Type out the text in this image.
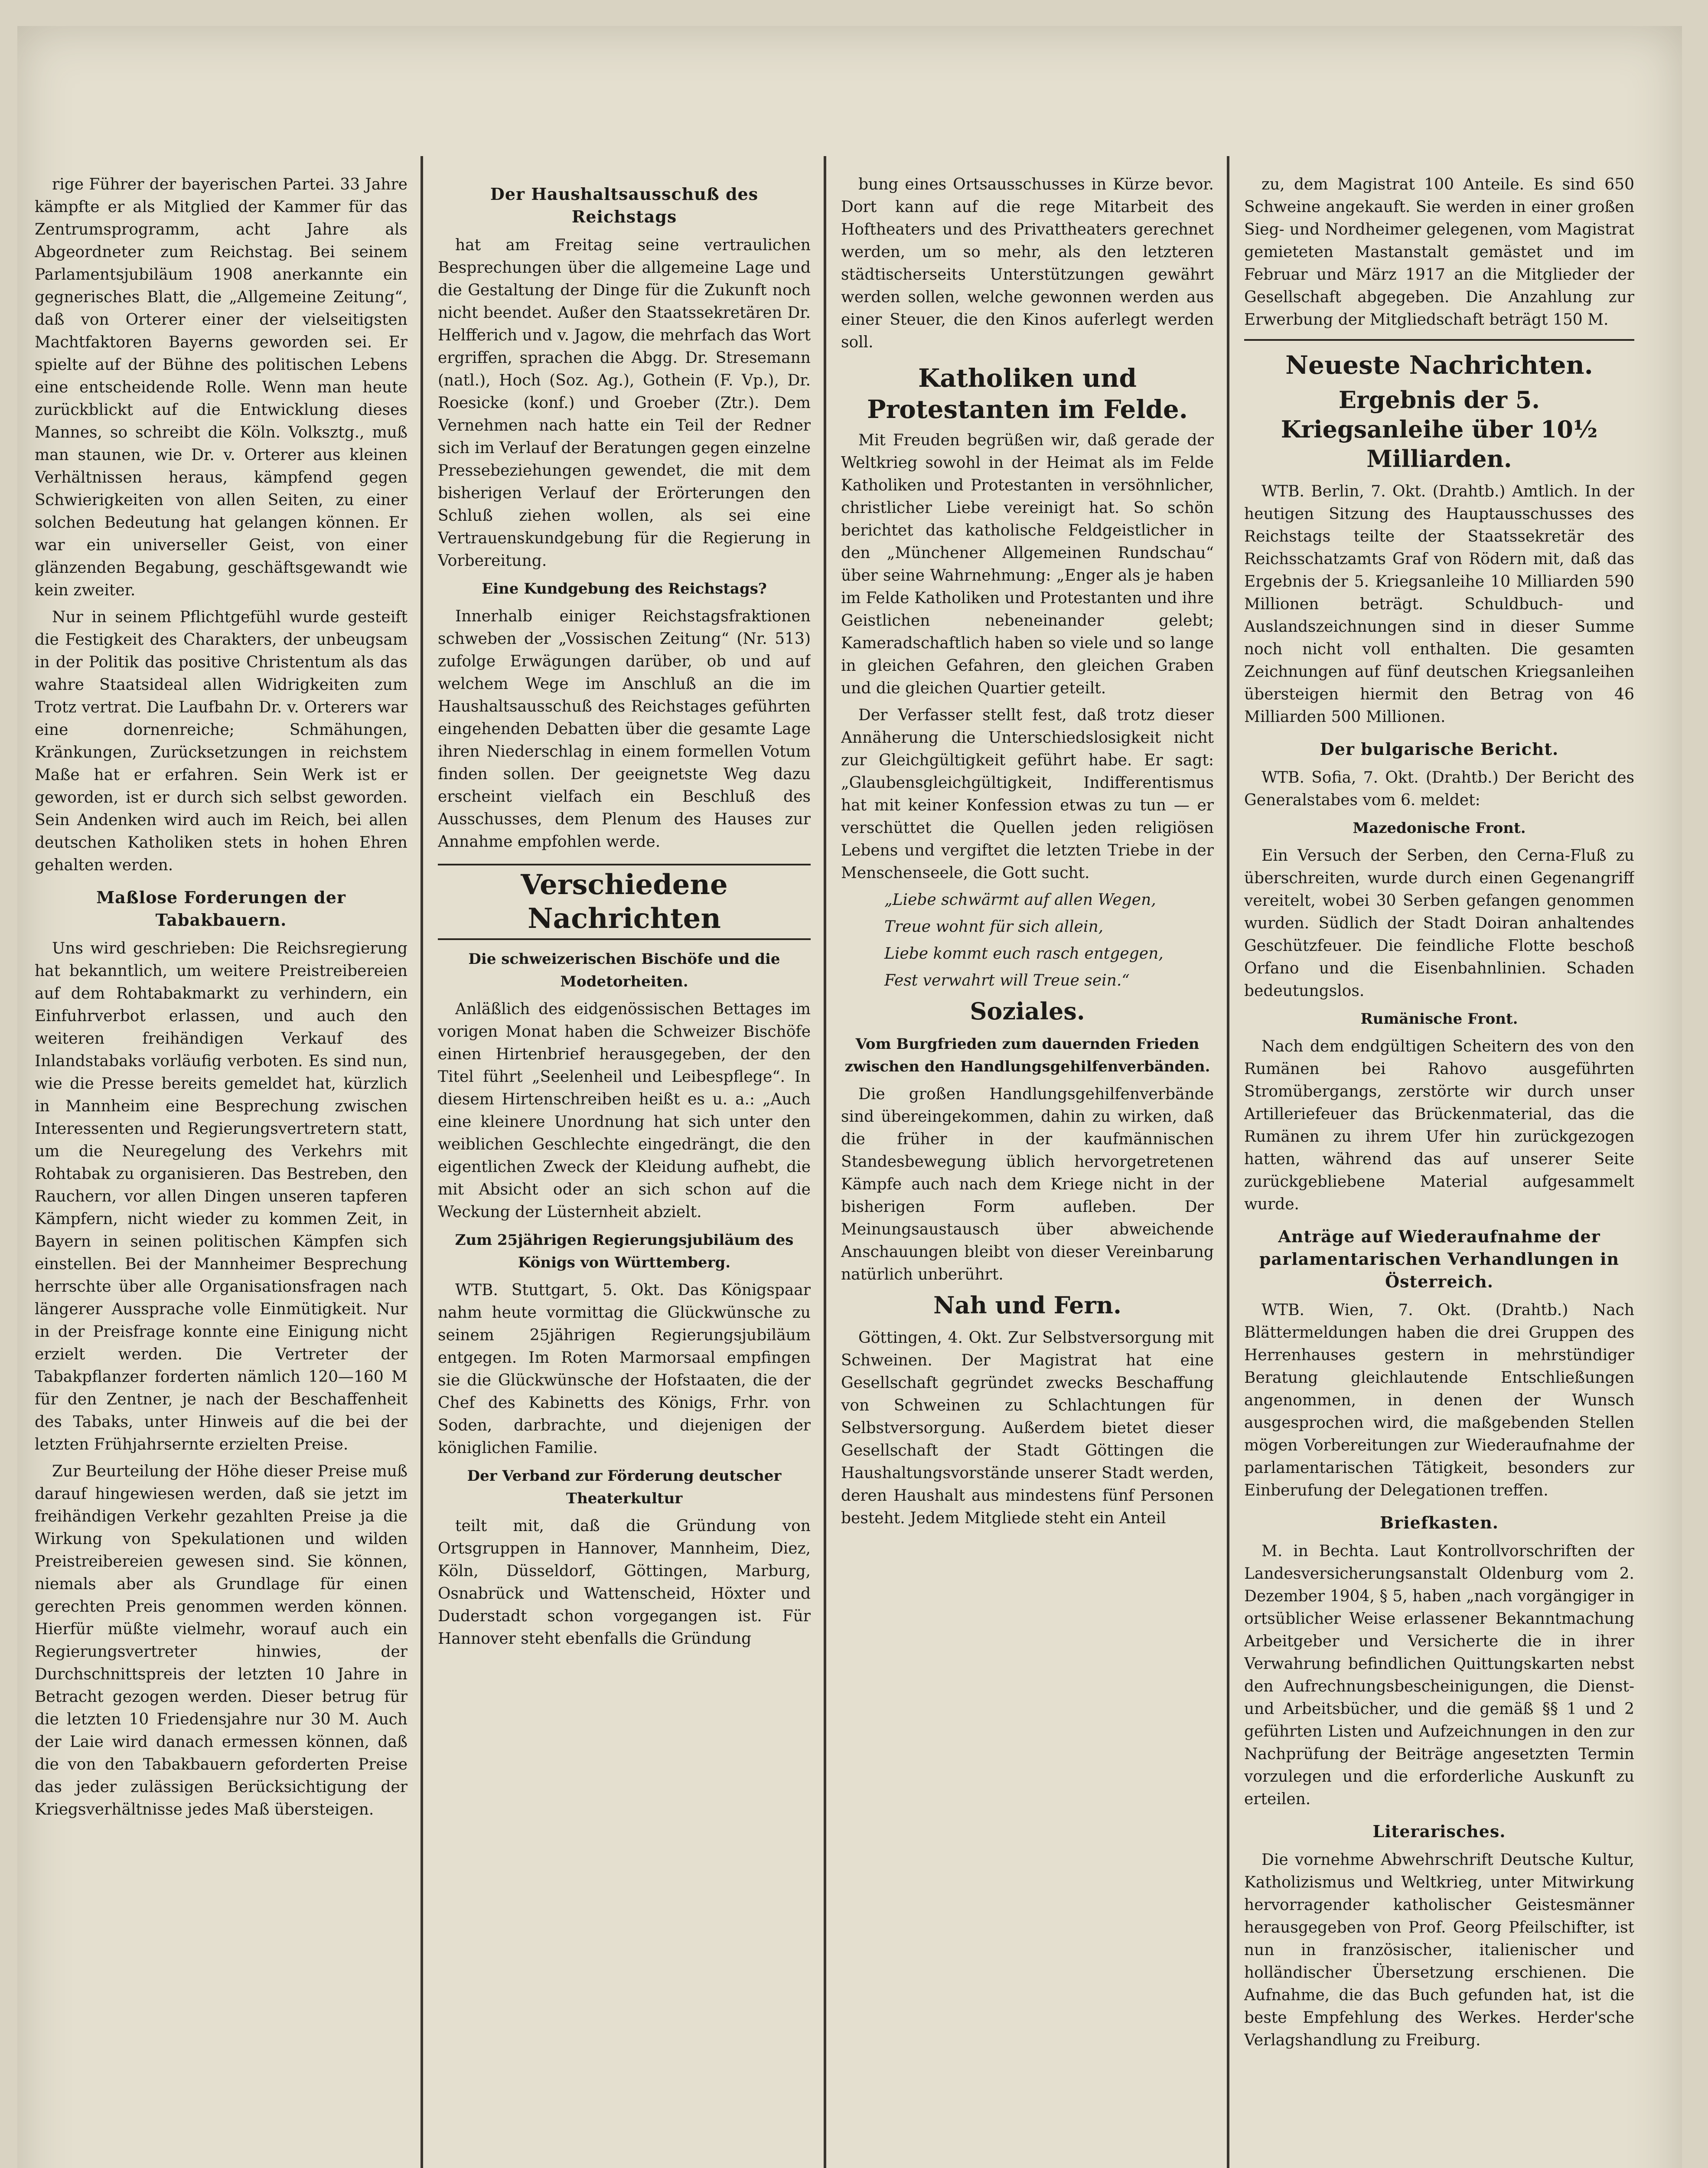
rige Führer der bayerischen Partei. 33 Jahre kämpfte er als Mitglied der Kammer für das Zentrumsprogramm, acht Jahre als Abgeordneter zum Reichstag. Bei seinem Parlamentsjubiläum 1908 anerkannte ein gegnerisches Blatt, die „Allgemeine Zeitung“, daß von Orterer einer der vielseitigsten Machtfaktoren Bayerns geworden sei. Er spielte auf der Bühne des politischen Lebens eine entscheidende Rolle. Wenn man heute zurückblickt auf die Entwicklung dieses Mannes, so schreibt die Köln. Volksztg., muß man staunen, wie Dr. v. Orterer aus kleinen Verhältnissen heraus, kämpfend gegen Schwierigkeiten von allen Seiten, zu einer solchen Bedeutung hat gelangen können. Er war ein universeller Geist, von einer glänzenden Begabung, geschäftsgewandt wie kein zweiter.

Nur in seinem Pflichtgefühl wurde gesteift die Festigkeit des Charakters, der unbeugsam in der Politik das positive Christentum als das wahre Staatsideal allen Widrigkeiten zum Trotz vertrat. Die Laufbahn Dr. v. Orterers war eine dornenreiche; Schmähungen, Kränkungen, Zurücksetzungen in reichstem Maße hat er erfahren. Sein Werk ist er geworden, ist er durch sich selbst geworden. Sein Andenken wird auch im Reich, bei allen deutschen Katholiken stets in hohen Ehren gehalten werden.

Maßlose Forderungen der Tabakbauern.

Uns wird geschrieben: Die Reichsregierung hat bekanntlich, um weitere Preistreibereien auf dem Rohtabakmarkt zu verhindern, ein Einfuhrverbot erlassen, und auch den weiteren freihändigen Verkauf des Inlandstabaks vorläufig verboten. Es sind nun, wie die Presse bereits gemeldet hat, kürzlich in Mannheim eine Besprechung zwischen Interessenten und Regierungsvertretern statt, um die Neuregelung des Verkehrs mit Rohtabak zu organisieren. Das Bestreben, den Rauchern, vor allen Dingen unseren tapferen Kämpfern, nicht wieder zu kommen Zeit, in Bayern in seinen politischen Kämpfen sich einstellen. Bei der Mannheimer Besprechung herrschte über alle Organisationsfragen nach längerer Aussprache volle Einmütigkeit. Nur in der Preisfrage konnte eine Einigung nicht erzielt werden. Die Vertreter der Tabakpflanzer forderten nämlich 120—160 M für den Zentner, je nach der Beschaffenheit des Tabaks, unter Hinweis auf die bei der letzten Frühjahrsernte erzielten Preise.

Zur Beurteilung der Höhe dieser Preise muß darauf hingewiesen werden, daß sie jetzt im freihändigen Verkehr gezahlten Preise ja die Wirkung von Spekulationen und wilden Preistreibereien gewesen sind. Sie können, niemals aber als Grundlage für einen gerechten Preis genommen werden können. Hierfür müßte vielmehr, worauf auch ein Regierungsvertreter hinwies, der Durchschnittspreis der letzten 10 Jahre in Betracht gezogen werden. Dieser betrug für die letzten 10 Friedensjahre nur 30 M. Auch der Laie wird danach ermessen können, daß die von den Tabakbauern geforderten Preise das jeder zulässigen Berücksichtigung der Kriegsverhältnisse jedes Maß übersteigen.

Der Haushaltsausschuß des Reichstags

hat am Freitag seine vertraulichen Besprechungen über die allgemeine Lage und die Gestaltung der Dinge für die Zukunft noch nicht beendet. Außer den Staatssekretären Dr. Helfferich und v. Jagow, die mehrfach das Wort ergriffen, sprachen die Abgg. Dr. Stresemann (natl.), Hoch (Soz. Ag.), Gothein (F. Vp.), Dr. Roesicke (konf.) und Groeber (Ztr.). Dem Vernehmen nach hatte ein Teil der Redner sich im Verlauf der Beratungen gegen einzelne Pressebeziehungen gewendet, die mit dem bisherigen Verlauf der Erörterungen den Schluß ziehen wollen, als sei eine Vertrauenskundgebung für die Regierung in Vorbereitung.

Eine Kundgebung des Reichstags?

Innerhalb einiger Reichstagsfraktionen schweben der „Vossischen Zeitung“ (Nr. 513) zufolge Erwägungen darüber, ob und auf welchem Wege im Anschluß an die im Haushaltsausschuß des Reichstages geführten eingehenden Debatten über die gesamte Lage ihren Niederschlag in einem formellen Votum finden sollen. Der geeignetste Weg dazu erscheint vielfach ein Beschluß des Ausschusses, dem Plenum des Hauses zur Annahme empfohlen werde.

Verschiedene Nachrichten
Die schweizerischen Bischöfe und die Modetorheiten.

Anläßlich des eidgenössischen Bettages im vorigen Monat haben die Schweizer Bischöfe einen Hirtenbrief herausgegeben, der den Titel führt „Seelenheil und Leibespflege“. In diesem Hirtenschreiben heißt es u. a.: „Auch eine kleinere Unordnung hat sich unter den weiblichen Geschlechte eingedrängt, die den eigentlichen Zweck der Kleidung aufhebt, die mit Absicht oder an sich schon auf die Weckung der Lüsternheit abzielt.

Zum 25jährigen Regierungsjubiläum des Königs von Württemberg.

WTB. Stuttgart, 5. Okt. Das Königspaar nahm heute vormittag die Glückwünsche zu seinem 25jährigen Regierungsjubiläum entgegen. Im Roten Marmorsaal empfingen sie die Glückwünsche der Hofstaaten, die der Chef des Kabinetts des Königs, Frhr. von Soden, darbrachte, und diejenigen der königlichen Familie.

Der Verband zur Förderung deutscher Theaterkultur

teilt mit, daß die Gründung von Ortsgruppen in Hannover, Mannheim, Diez, Köln, Düsseldorf, Göttingen, Marburg, Osnabrück und Wattenscheid, Höxter und Duderstadt schon vorgegangen ist. Für Hannover steht ebenfalls die Gründung

bung eines Ortsausschusses in Kürze bevor. Dort kann auf die rege Mitarbeit des Hoftheaters und des Privattheaters gerechnet werden, um so mehr, als den letzteren städtischerseits Unterstützungen gewährt werden sollen, welche gewonnen werden aus einer Steuer, die den Kinos auferlegt werden soll.

Katholiken und Protestanten im Felde.

Mit Freuden begrüßen wir, daß gerade der Weltkrieg sowohl in der Heimat als im Felde Katholiken und Protestanten in versöhnlicher, christlicher Liebe vereinigt hat. So schön berichtet das katholische Feldgeistlicher in den „Münchener Allgemeinen Rundschau“ über seine Wahrnehmung: „Enger als je haben im Felde Katholiken und Protestanten und ihre Geistlichen nebeneinander gelebt; Kameradschaftlich haben so viele und so lange in gleichen Gefahren, den gleichen Graben und die gleichen Quartier geteilt.

Der Verfasser stellt fest, daß trotz dieser Annäherung die Unterschiedslosigkeit nicht zur Gleichgültigkeit geführt habe. Er sagt: „Glaubensgleichgültigkeit, Indifferentismus hat mit keiner Konfession etwas zu tun — er verschüttet die Quellen jeden religiösen Lebens und vergiftet die letzten Triebe in der Menschenseele, die Gott sucht.

„Liebe schwärmt auf allen Wegen,

Treue wohnt für sich allein,

Liebe kommt euch rasch entgegen,

Fest verwahrt will Treue sein.“

Soziales.
Vom Burgfrieden zum dauernden Frieden zwischen den Handlungsgehilfenverbänden.

Die großen Handlungsgehilfenverbände sind übereingekommen, dahin zu wirken, daß die früher in der kaufmännischen Standesbewegung üblich hervorgetretenen Kämpfe auch nach dem Kriege nicht in der bisherigen Form aufleben. Der Meinungsaustausch über abweichende Anschauungen bleibt von dieser Vereinbarung natürlich unberührt.

Nah und Fern.

Göttingen, 4. Okt. Zur Selbstversorgung mit Schweinen. Der Magistrat hat eine Gesellschaft gegründet zwecks Beschaffung von Schweinen zu Schlachtungen für Selbstversorgung. Außerdem bietet dieser Gesellschaft der Stadt Göttingen die Haushaltungsvorstände unserer Stadt werden, deren Haushalt aus mindestens fünf Personen besteht. Jedem Mitgliede steht ein Anteil

zu, dem Magistrat 100 Anteile. Es sind 650 Schweine angekauft. Sie werden in einer großen Sieg- und Nordheimer gelegenen, vom Magistrat gemieteten Mastanstalt gemästet und im Februar und März 1917 an die Mitglieder der Gesellschaft abgegeben. Die Anzahlung zur Erwerbung der Mitgliedschaft beträgt 150 M.

Neueste Nachrichten.
Ergebnis der 5. Kriegsanleihe über 10½ Milliarden.

WTB. Berlin, 7. Okt. (Drahtb.) Amtlich. In der heutigen Sitzung des Hauptausschusses des Reichstags teilte der Staatssekretär des Reichsschatzamts Graf von Rödern mit, daß das Ergebnis der 5. Kriegsanleihe 10 Milliarden 590 Millionen beträgt. Schuldbuch- und Auslandszeichnungen sind in dieser Summe noch nicht voll enthalten. Die gesamten Zeichnungen auf fünf deutschen Kriegsanleihen übersteigen hiermit den Betrag von 46 Milliarden 500 Millionen.

Der bulgarische Bericht.

WTB. Sofia, 7. Okt. (Drahtb.) Der Bericht des Generalstabes vom 6. meldet:

Mazedonische Front.

Ein Versuch der Serben, den Cerna-Fluß zu überschreiten, wurde durch einen Gegenangriff vereitelt, wobei 30 Serben gefangen genommen wurden. Südlich der Stadt Doiran anhaltendes Geschützfeuer. Die feindliche Flotte beschoß Orfano und die Eisenbahnlinien. Schaden bedeutungslos.

Rumänische Front.

Nach dem endgültigen Scheitern des von den Rumänen bei Rahovo ausgeführten Stromübergangs, zerstörte wir durch unser Artilleriefeuer das Brückenmaterial, das die Rumänen zu ihrem Ufer hin zurückgezogen hatten, während das auf unserer Seite zurückgebliebene Material aufgesammelt wurde.

Anträge auf Wiederaufnahme der parlamentarischen Verhandlungen in Österreich.

WTB. Wien, 7. Okt. (Drahtb.) Nach Blättermeldungen haben die drei Gruppen des Herrenhauses gestern in mehrstündiger Beratung gleichlautende Entschließungen angenommen, in denen der Wunsch ausgesprochen wird, die maßgebenden Stellen mögen Vorbereitungen zur Wiederaufnahme der parlamentarischen Tätigkeit, besonders zur Einberufung der Delegationen treffen.

Briefkasten.

M. in Bechta. Laut Kontrollvorschriften der Landesversicherungsanstalt Oldenburg vom 2. Dezember 1904, § 5, haben „nach vorgängiger in ortsüblicher Weise erlassener Bekanntmachung Arbeitgeber und Versicherte die in ihrer Verwahrung befindlichen Quittungskarten nebst den Aufrechnungsbescheinigungen, die Dienst- und Arbeitsbücher, und die gemäß §§ 1 und 2 geführten Listen und Aufzeichnungen in den zur Nachprüfung der Beiträge angesetzten Termin vorzulegen und die erforderliche Auskunft zu erteilen.

Literarisches.

Die vornehme Abwehrschrift Deutsche Kultur, Katholizismus und Weltkrieg, unter Mitwirkung hervorragender katholischer Geistesmänner herausgegeben von Prof. Georg Pfeilschifter, ist nun in französischer, italienischer und holländischer Übersetzung erschienen. Die Aufnahme, die das Buch gefunden hat, ist die beste Empfehlung des Werkes. Herder'sche Verlagshandlung zu Freiburg.
